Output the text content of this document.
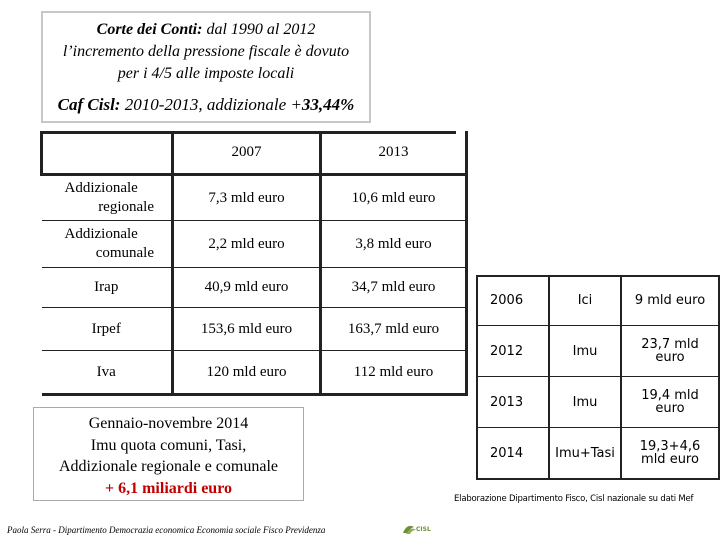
Corte dei Conti: dal 1990 al 2012
l’incremento della pressione fiscale è dovuto
per i 4/5 alle imposte locali
Caf Cisl: 2010-2013, addizionale +33,44%
	2007	2013

Addizionale
regionale	7,3 mld euro	10,6 mld euro

Addizionale
comunale	2,2 mld euro	3,8 mld euro
Irap	40,9 mld euro	34,7 mld euro
Irpef	153,6 mld euro	163,7 mld euro
Iva	120 mld euro	112 mld euro
Gennaio-novembre 2014
Imu quota comuni, Tasi,
Addizionale regionale e comunale
+ 6,1 miliardi euro
2006	Ici	9 mld euro

2012	Imu	23,7 mld
euro

2013	Imu	19,4 mld
euro

2014	Imu+Tasi	19,3+4,6
mld euro
Elaborazione Dipartimento Fisco, Cisl nazionale su dati Mef
CISL
Paola Serra - Dipartimento Democrazia economica Economia sociale Fisco Previdenza
